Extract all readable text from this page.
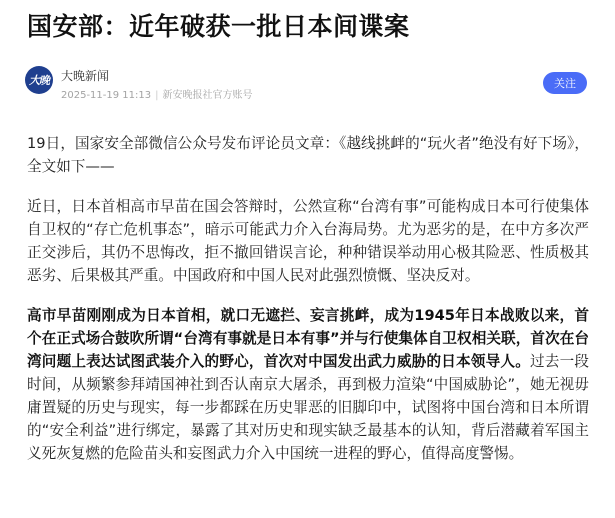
国安部：近年破获一批日本间谍案
大晚 大晚新闻
2025-11-19 11:13 | 新安晚报社官方账号
关注

19日，国家安全部微信公众号发布评论员文章：《越线挑衅的“玩火者”绝没有好下场》，全文如下——

近日，日本首相高市早苗在国会答辩时，公然宣称“台湾有事”可能构成日本可行使集体自卫权的“存亡危机事态”，暗示可能武力介入台海局势。尤为恶劣的是，在中方多次严正交涉后，其仍不思悔改，拒不撤回错误言论，种种错误举动用心极其险恶、性质极其恶劣、后果极其严重。中国政府和中国人民对此强烈愤慨、坚决反对。

高市早苗刚刚成为日本首相，就口无遮拦、妄言挑衅，成为1945年日本战败以来，首个在正式场合鼓吹所谓“台湾有事就是日本有事”并与行使集体自卫权相关联，首次在台湾问题上表达试图武装介入的野心，首次对中国发出武力威胁的日本领导人。过去一段时间，从频繁参拜靖国神社到否认南京大屠杀，再到极力渲染“中国威胁论”，她无视毋庸置疑的历史与现实，每一步都踩在历史罪恶的旧脚印中，试图将中国台湾和日本所谓的“安全利益”进行绑定，暴露了其对历史和现实缺乏最基本的认知，背后潜藏着军国主义死灰复燃的危险苗头和妄图武力介入中国统一进程的野心，值得高度警惕。
